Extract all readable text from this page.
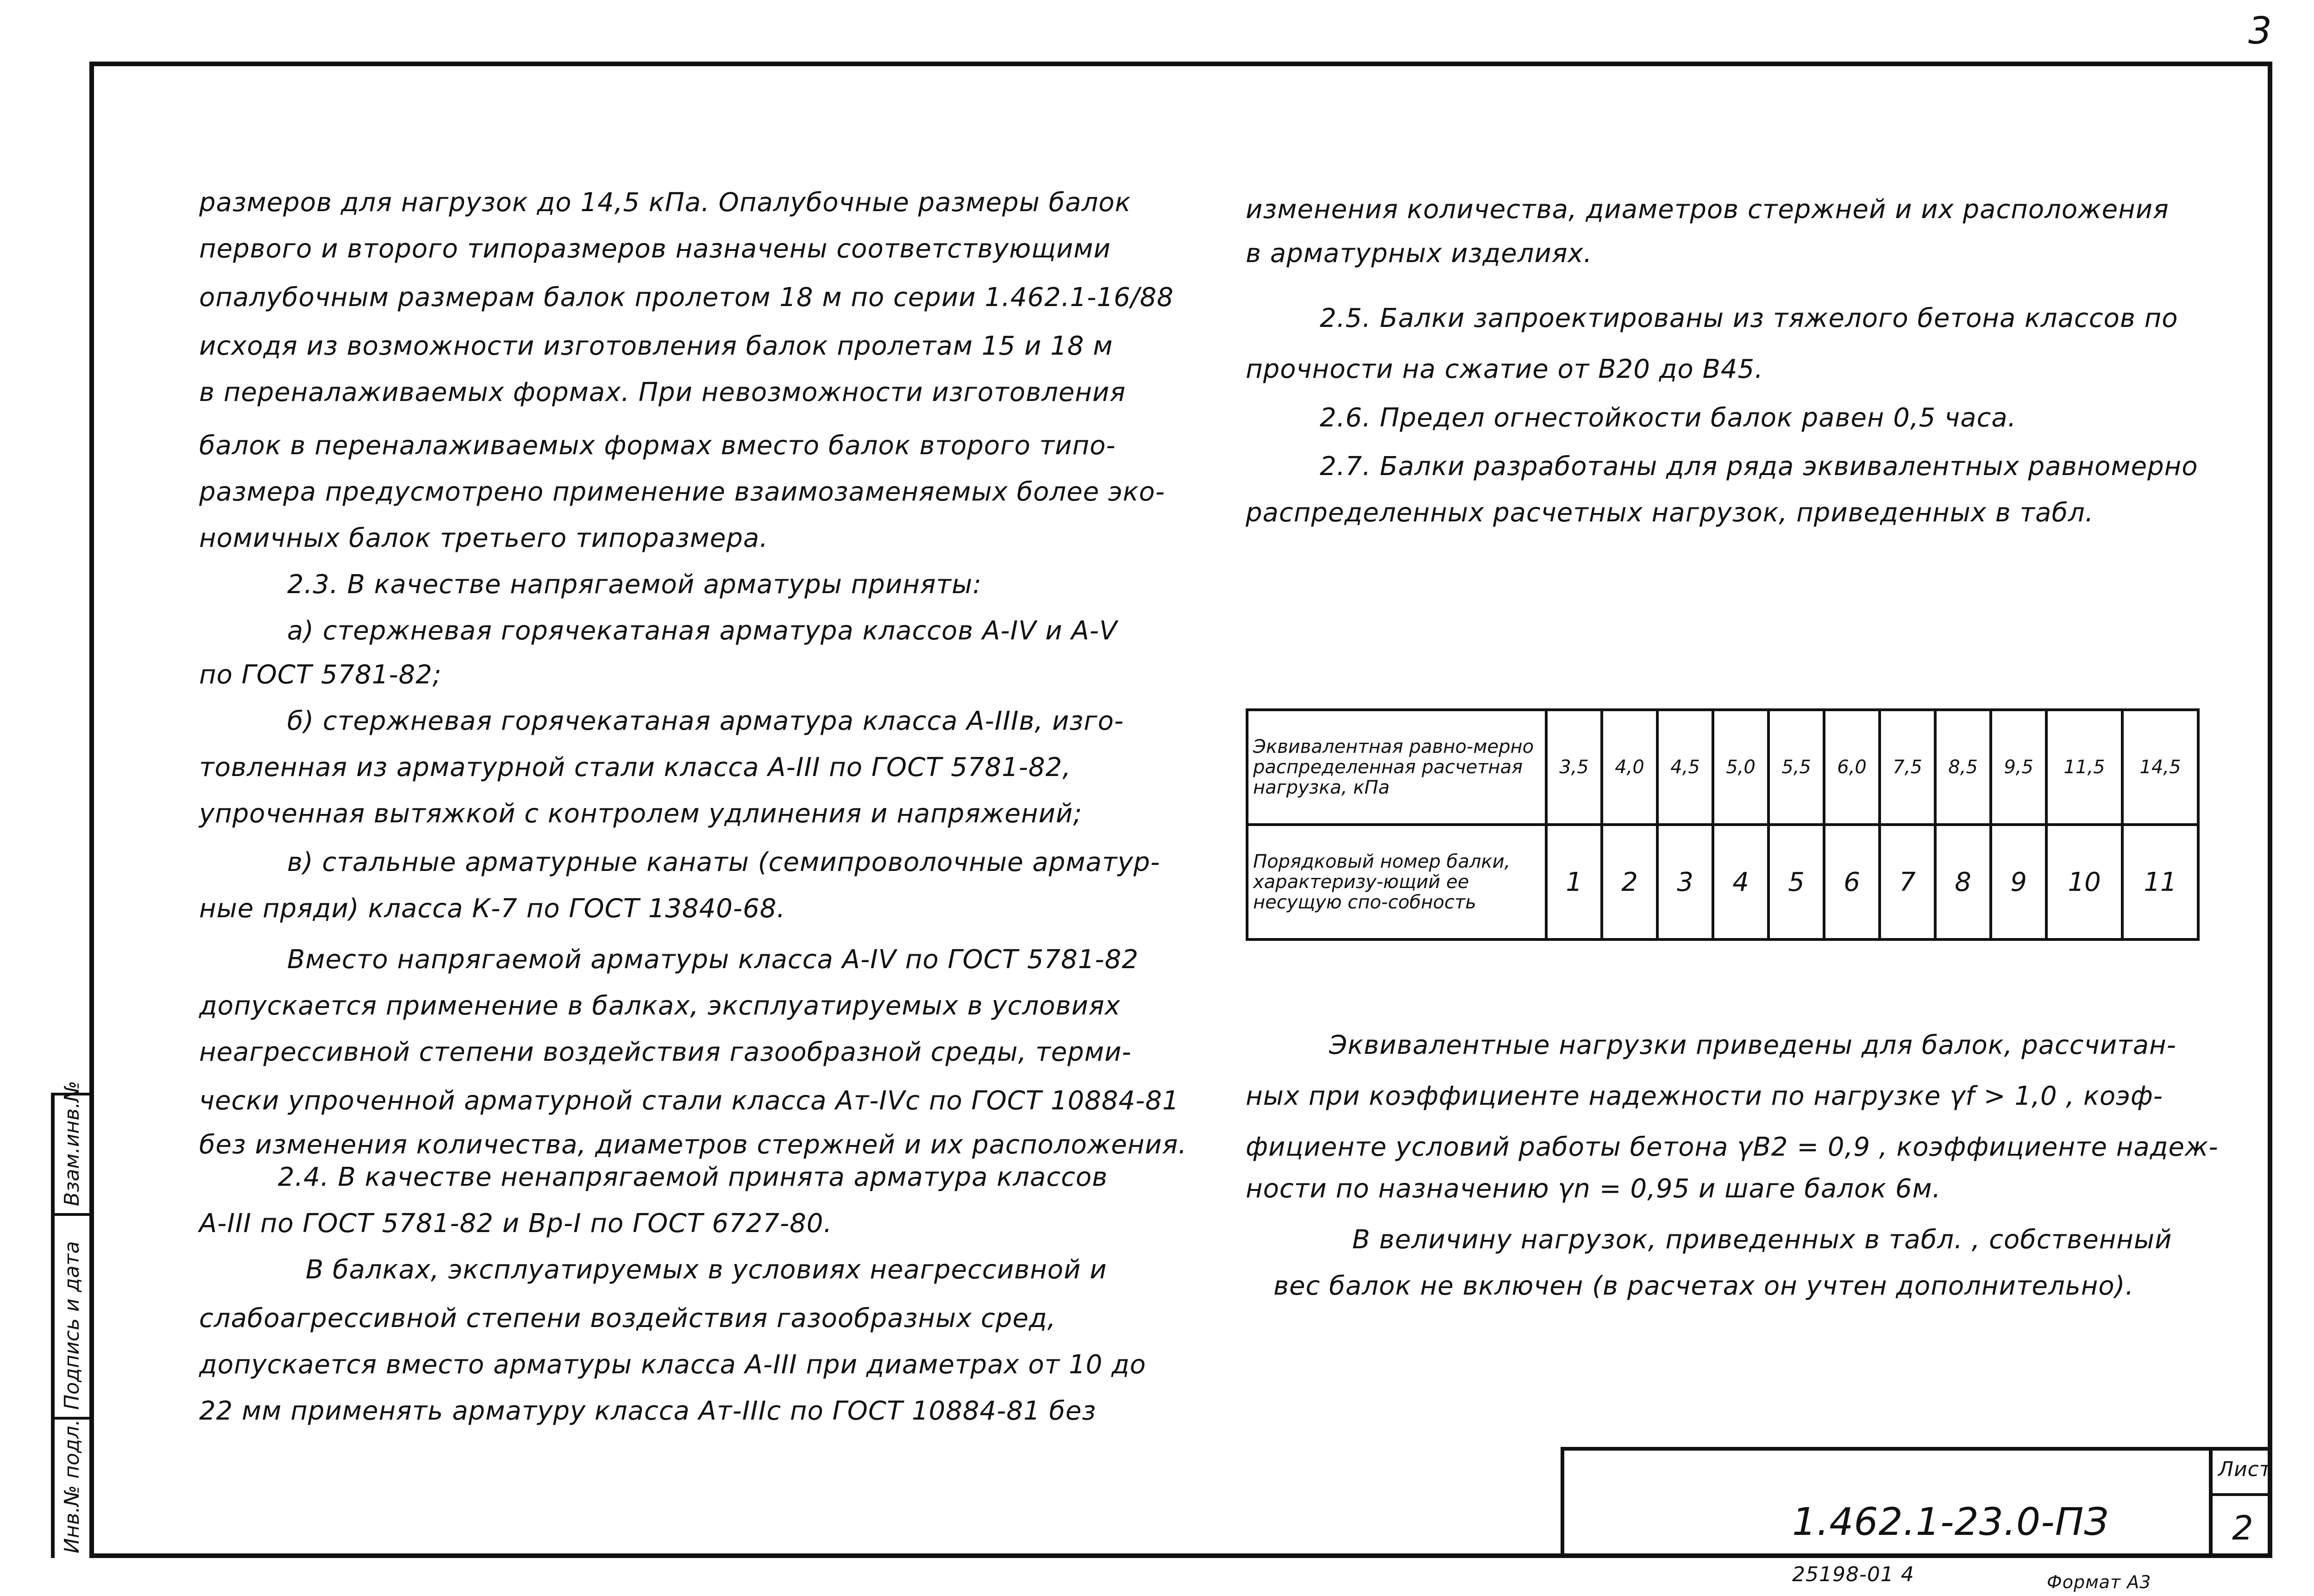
3
Взам.инв.№
Подпись и дата
Инв.№ подл.
размеров для нагрузок до 14,5 кПа. Опалубочные размеры балок
первого и второго типоразмеров назначены соответствующими
опалубочным размерам балок пролетом 18 м по серии 1.462.1-16/88
исходя из возможности изготовления балок пролетам 15 и 18 м
в переналаживаемых формах. При невозможности изготовления
балок в переналаживаемых формах вместо балок второго типо-
размера предусмотрено применение взаимозаменяемых более эко-
номичных балок третьего типоразмера.
2.3. В качестве напрягаемой арматуры приняты:
а) стержневая горячекатаная арматура классов А-IV и А-V
по ГОСТ 5781-82;
б) стержневая горячекатаная арматура класса А-IIIв, изго-
товленная из арматурной стали класса А-III по ГОСТ 5781-82,
упроченная вытяжкой с контролем удлинения и напряжений;
в) стальные арматурные канаты (семипроволочные арматур-
ные пряди) класса К-7 по ГОСТ 13840-68.
Вместо напрягаемой арматуры класса А-IV по ГОСТ 5781-82
допускается применение в балках, эксплуатируемых в условиях
неагрессивной степени воздействия газообразной среды, терми-
чески упроченной арматурной стали класса Ат-IVс по ГОСТ 10884-81
без изменения количества, диаметров стержней и их расположения.
2.4. В качестве ненапрягаемой принята арматура классов
А-III по ГОСТ 5781-82 и Вр-I по ГОСТ 6727-80.
В балках, эксплуатируемых в условиях неагрессивной и
слабоагрессивной степени воздействия газообразных сред,
допускается вместо арматуры класса А-III при диаметрах от 10 до
22 мм применять арматуру класса Ат-IIIс по ГОСТ 10884-81 без
изменения количества, диаметров стержней и их расположения
в арматурных изделиях.
2.5. Балки запроектированы из тяжелого бетона классов по
прочности на сжатие от В20 до В45.
2.6. Предел огнестойкости балок равен 0,5 часа.
2.7. Балки разработаны для ряда эквивалентных равномерно
распределенных расчетных нагрузок, приведенных в табл.
Эквивалентная равно-мерно распределенная расчетная нагрузка, кПа	3,5	4,0	4,5	5,0	5,5	6,0	7,5	8,5	9,5	11,5	14,5
Порядковый номер балки, характеризу-ющий ее несущую спо-собность	1	2	3	4	5	6	7	8	9	10	11
Эквивалентные нагрузки приведены для балок, рассчитан-
ных при коэффициенте надежности по нагрузке γf > 1,0 , коэф-
фициенте условий работы бетона γB2 = 0,9 , коэффициенте надеж-
ности по назначению γn = 0,95 и шаге балок 6м.
В величину нагрузок, приведенных в табл. , собственный
вес балок не включен (в расчетах он учтен дополнительно).
1.462.1-23.0-ПЗ
Лист
2
25198-01 4	Формат А3
